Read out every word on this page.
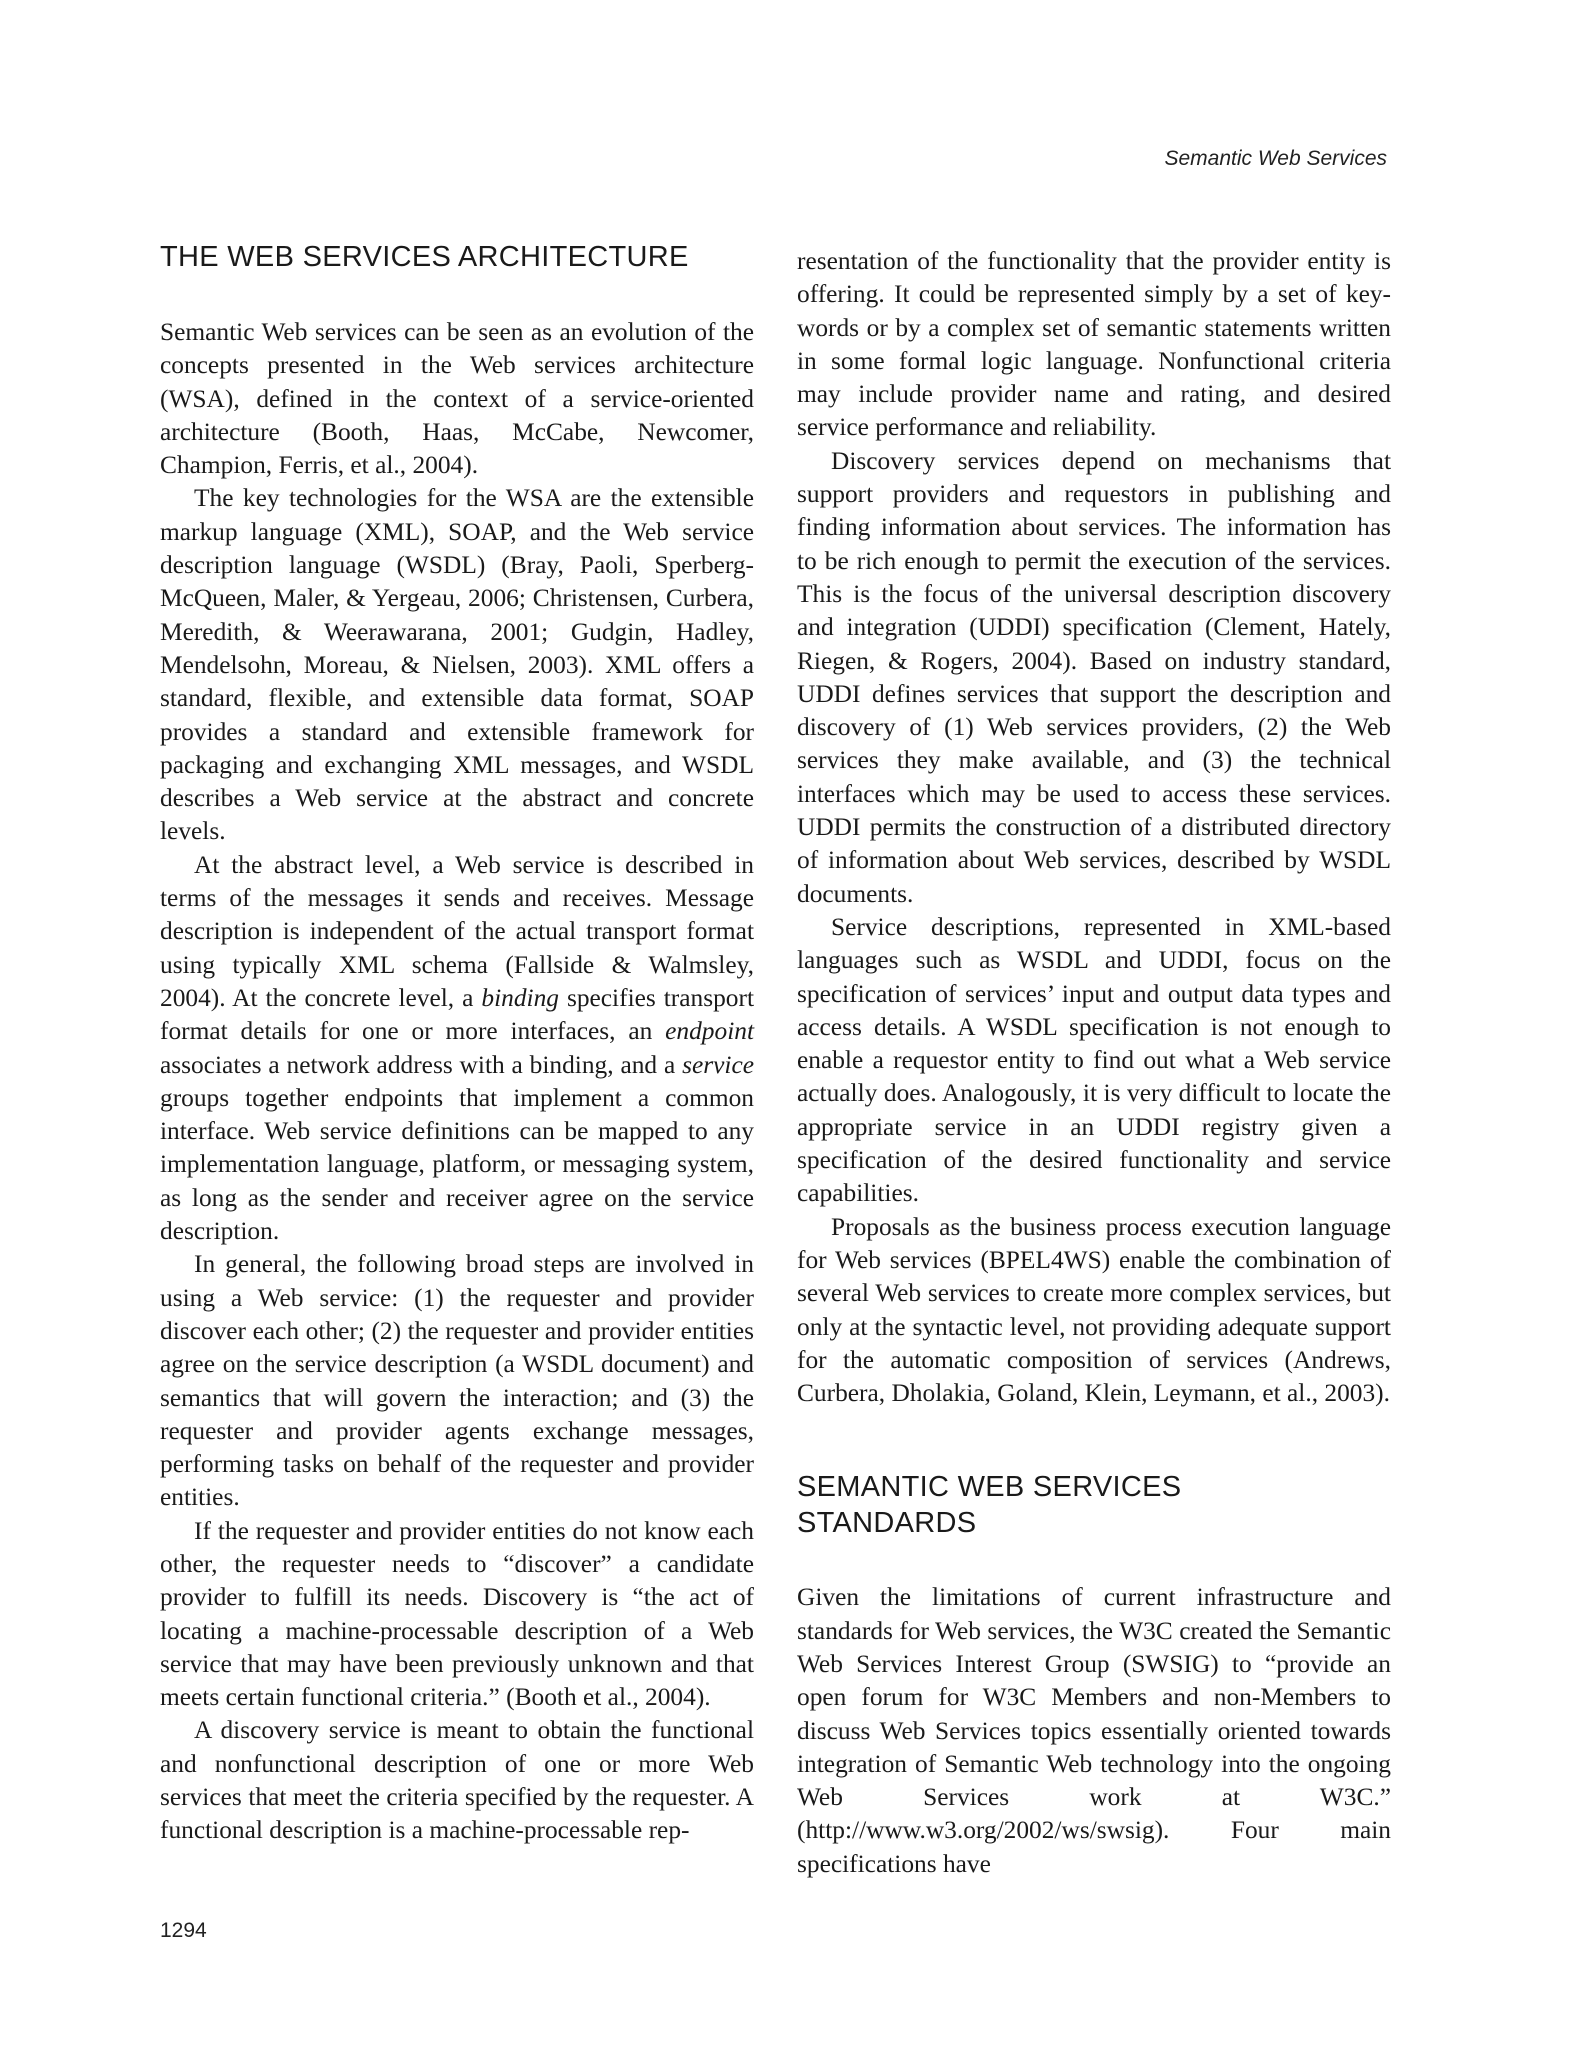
Semantic Web Services
THE WEB SERVICES ARCHITECTURE

Semantic Web services can be seen as an evolution of the concepts presented in the Web services architecture (WSA), defined in the context of a service-oriented architecture (Booth, Haas, McCabe, Newcomer, Champion, Ferris, et al., 2004).

The key technologies for the WSA are the extensible markup language (XML), SOAP, and the Web service description language (WSDL) (Bray, Paoli, Sperberg-McQueen, Maler, & Yergeau, 2006; Christensen, Curbera, Meredith, & Weerawarana, 2001; Gudgin, Hadley, Mendelsohn, Moreau, & Nielsen, 2003). XML offers a standard, flexible, and extensible data format, SOAP provides a standard and extensible framework for packaging and exchanging XML messages, and WSDL describes a Web service at the abstract and concrete levels.

At the abstract level, a Web service is described in terms of the messages it sends and receives. Message description is independent of the actual transport format using typically XML schema (Fallside & Walmsley, 2004). At the concrete level, a binding specifies transport format details for one or more interfaces, an endpoint associates a network address with a binding, and a service groups together endpoints that implement a common interface. Web service definitions can be mapped to any implementation language, platform, or messaging system, as long as the sender and receiver agree on the service description.

In general, the following broad steps are involved in using a Web service: (1) the requester and provider discover each other; (2) the requester and provider entities agree on the service description (a WSDL document) and semantics that will govern the interaction; and (3) the requester and provider agents exchange messages, performing tasks on behalf of the requester and provider entities.

If the requester and provider entities do not know each other, the requester needs to “discover” a candidate provider to fulfill its needs. Discovery is “the act of locating a machine-processable description of a Web service that may have been previously unknown and that meets certain functional criteria.” (Booth et al., 2004).

A discovery service is meant to obtain the functional and nonfunctional description of one or more Web services that meet the criteria specified by the requester. A functional description is a machine-processable rep-

resentation of the functionality that the provider entity is offering. It could be represented simply by a set of key-words or by a complex set of semantic statements written in some formal logic language. Nonfunctional criteria may include provider name and rating, and desired service performance and reliability.

Discovery services depend on mechanisms that support providers and requestors in publishing and finding information about services. The information has to be rich enough to permit the execution of the services. This is the focus of the universal description discovery and integration (UDDI) specification (Clement, Hately, Riegen, & Rogers, 2004). Based on industry standard, UDDI defines services that support the description and discovery of (1) Web services providers, (2) the Web services they make available, and (3) the technical interfaces which may be used to access these services. UDDI permits the construction of a distributed directory of information about Web services, described by WSDL documents.

Service descriptions, represented in XML-based languages such as WSDL and UDDI, focus on the specification of services’ input and output data types and access details. A WSDL specification is not enough to enable a requestor entity to find out what a Web service actually does. Analogously, it is very difficult to locate the appropriate service in an UDDI registry given a specification of the desired functionality and service capabilities.

Proposals as the business process execution language for Web services (BPEL4WS) enable the combination of several Web services to create more complex services, but only at the syntactic level, not providing adequate support for the automatic composition of services (Andrews, Curbera, Dholakia, Goland, Klein, Leymann, et al., 2003).

SEMANTIC WEB SERVICES
STANDARDS

Given the limitations of current infrastructure and standards for Web services, the W3C created the Semantic Web Services Interest Group (SWSIG) to “provide an open forum for W3C Members and non-Members to discuss Web Services topics essentially oriented towards integration of Semantic Web technology into the ongoing Web Services work at W3C.” (http://www.w3.org/2002/ws/swsig). Four main specifications have

1294
